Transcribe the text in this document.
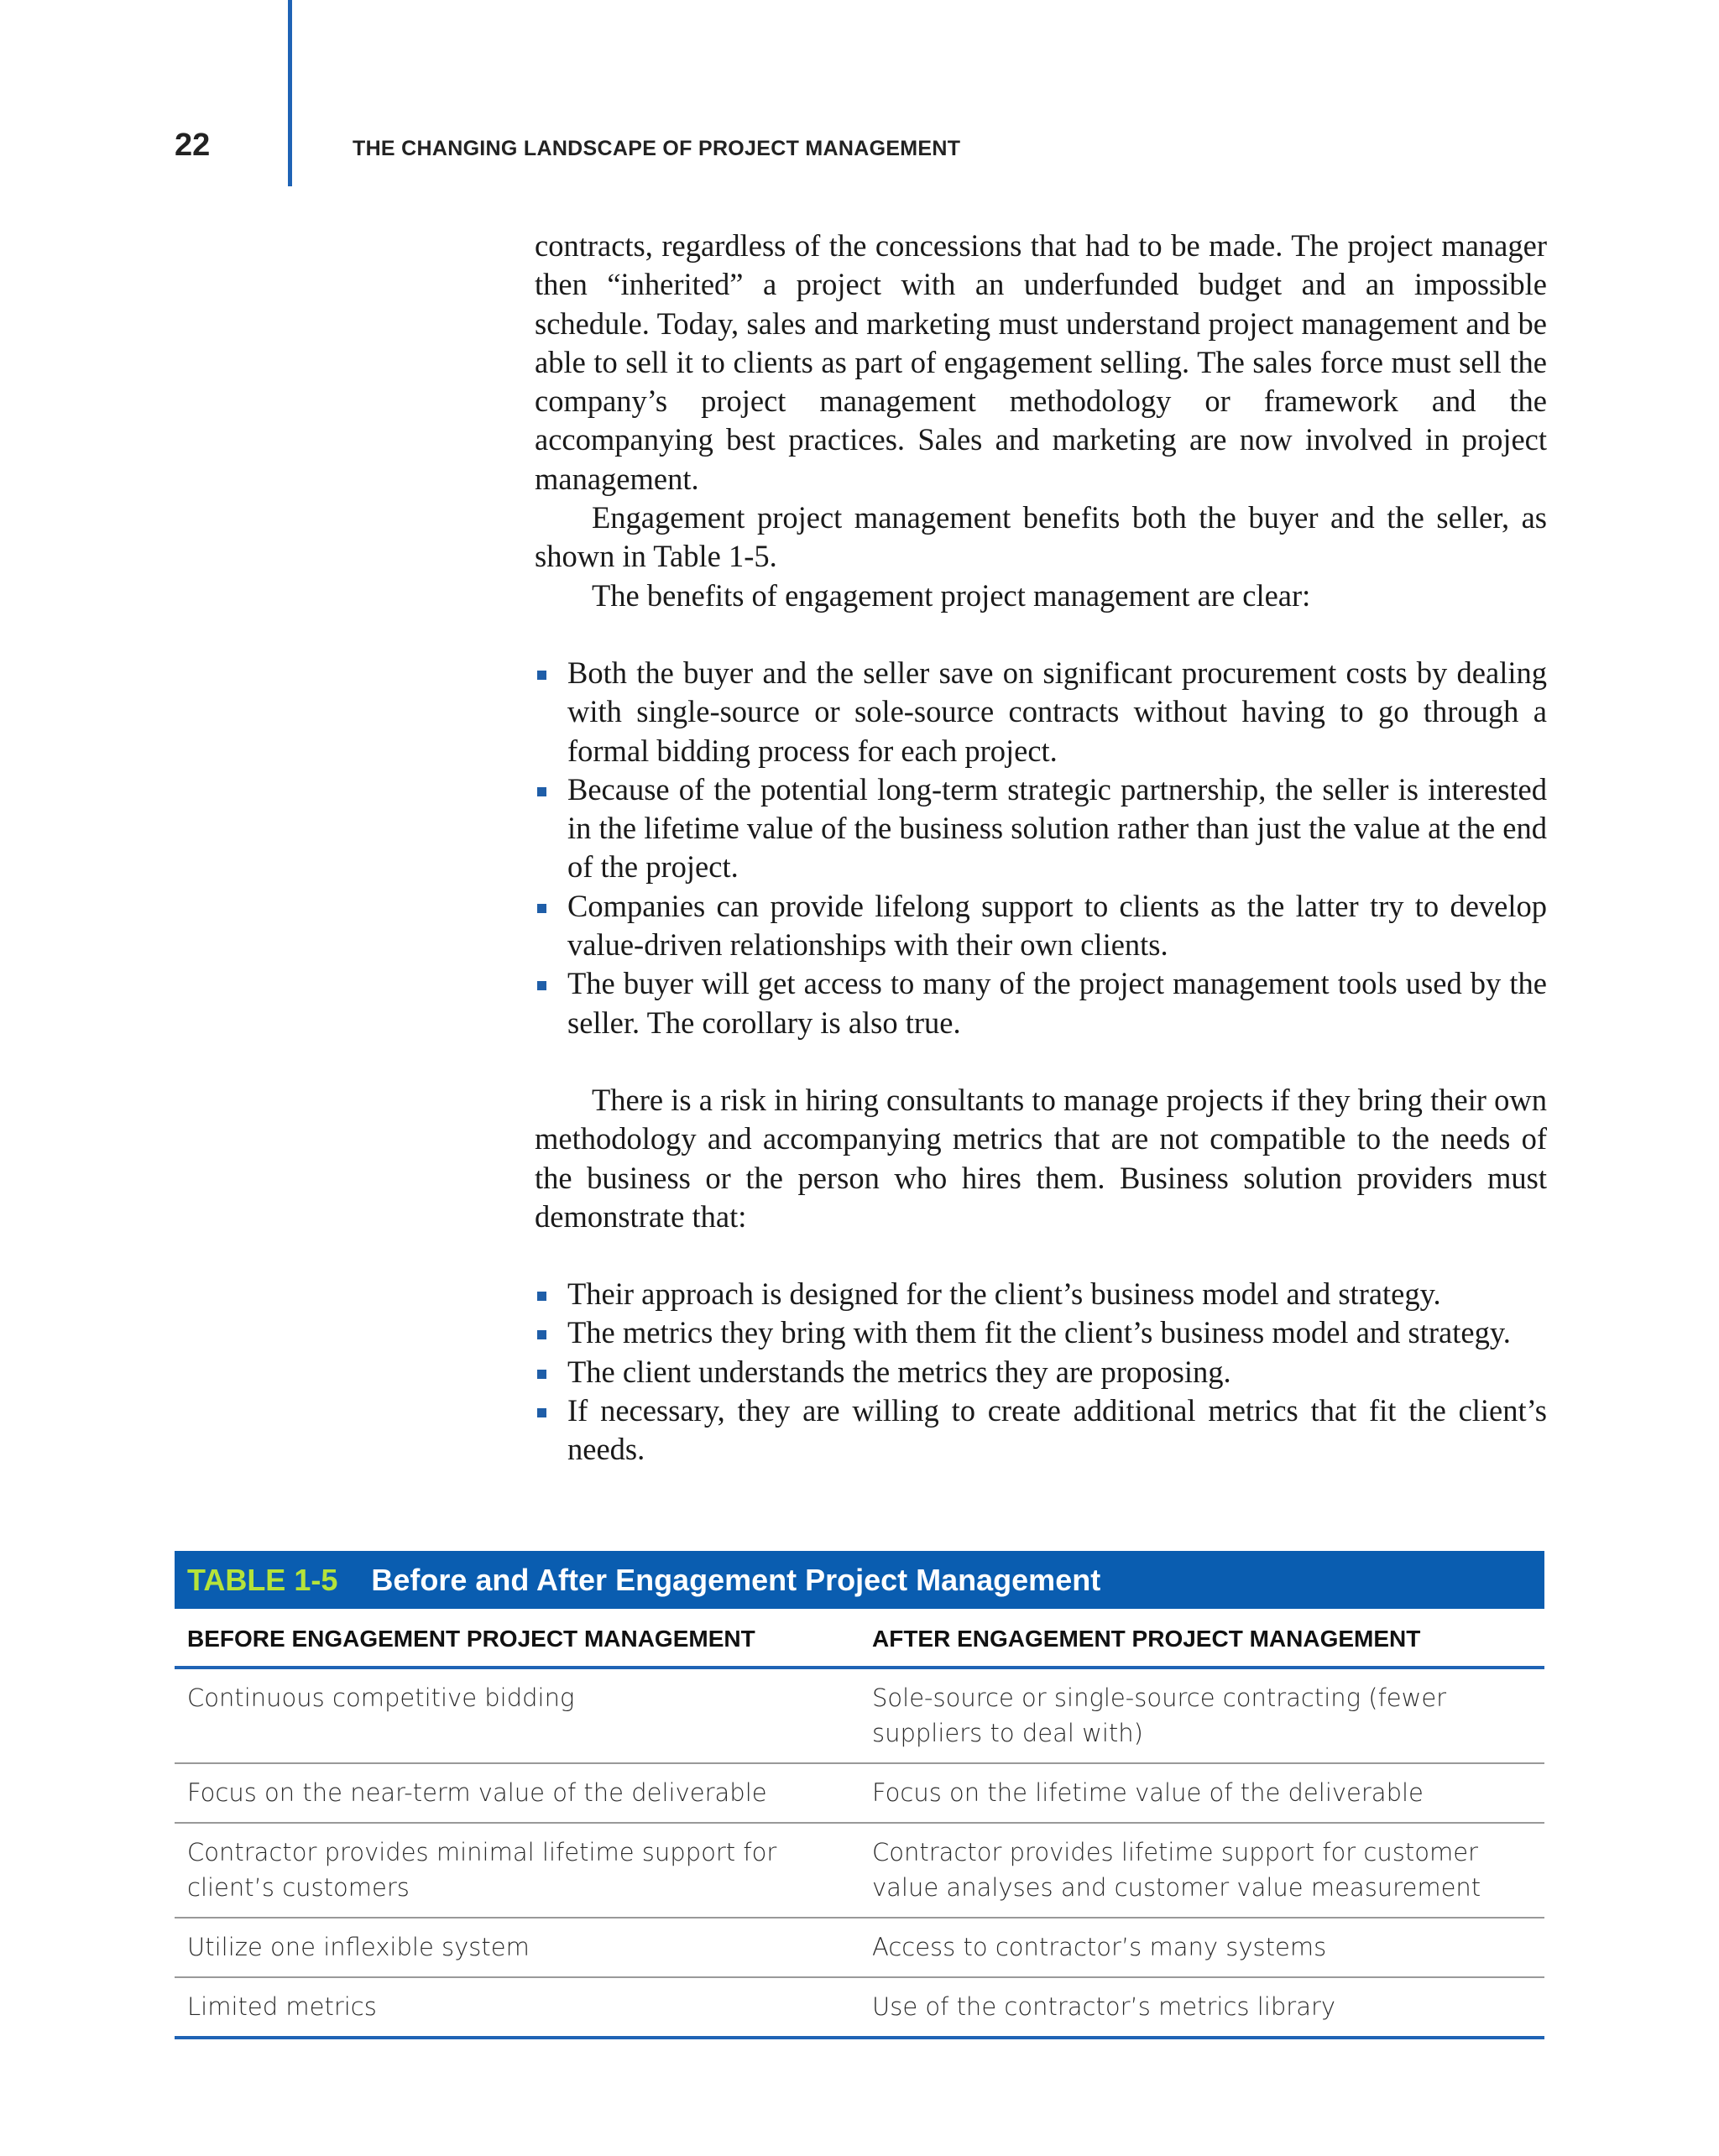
22	THE CHANGING LANDSCAPE OF PROJECT MANAGEMENT

contracts, regardless of the concessions that had to be made. The project manager then “inherited” a project with an underfunded budget and an impossible schedule. Today, sales and marketing must understand project management and be able to sell it to clients as part of engagement selling. The sales force must sell the company’s project management methodology or framework and the accompanying best practices. Sales and marketing are now involved in project management.

Engagement project management benefits both the buyer and the seller, as shown in Table 1-5.

The benefits of engagement project management are clear:

Both the buyer and the seller save on significant procurement costs by dealing with single-source or sole-source contracts without having to go through a formal bidding process for each project.
Because of the potential long-term strategic partnership, the seller is interested in the lifetime value of the business solution rather than just the value at the end of the project.
Companies can provide lifelong support to clients as the latter try to develop value-driven relationships with their own clients.
The buyer will get access to many of the project management tools used by the seller. The corollary is also true.

There is a risk in hiring consultants to manage projects if they bring their own methodology and accompanying metrics that are not compatible to the needs of the business or the person who hires them. Business solution providers must demonstrate that:

Their approach is designed for the client’s business model and strategy.
The metrics they bring with them fit the client’s business model and strategy.
The client understands the metrics they are proposing.
If necessary, they are willing to create additional metrics that fit the client’s needs.
TABLE 1-5 Before and After Engagement Project Management
BEFORE ENGAGEMENT PROJECT MANAGEMENT	AFTER ENGAGEMENT PROJECT MANAGEMENT
Continuous competitive bidding	Sole-source or single-source contracting (fewer suppliers to deal with)
Focus on the near-term value of the deliverable	Focus on the lifetime value of the deliverable
Contractor provides minimal lifetime support for client’s customers	Contractor provides lifetime support for customer value analyses and customer value measurement
Utilize one inflexible system	Access to contractor’s many systems
Limited metrics	Use of the contractor’s metrics library
